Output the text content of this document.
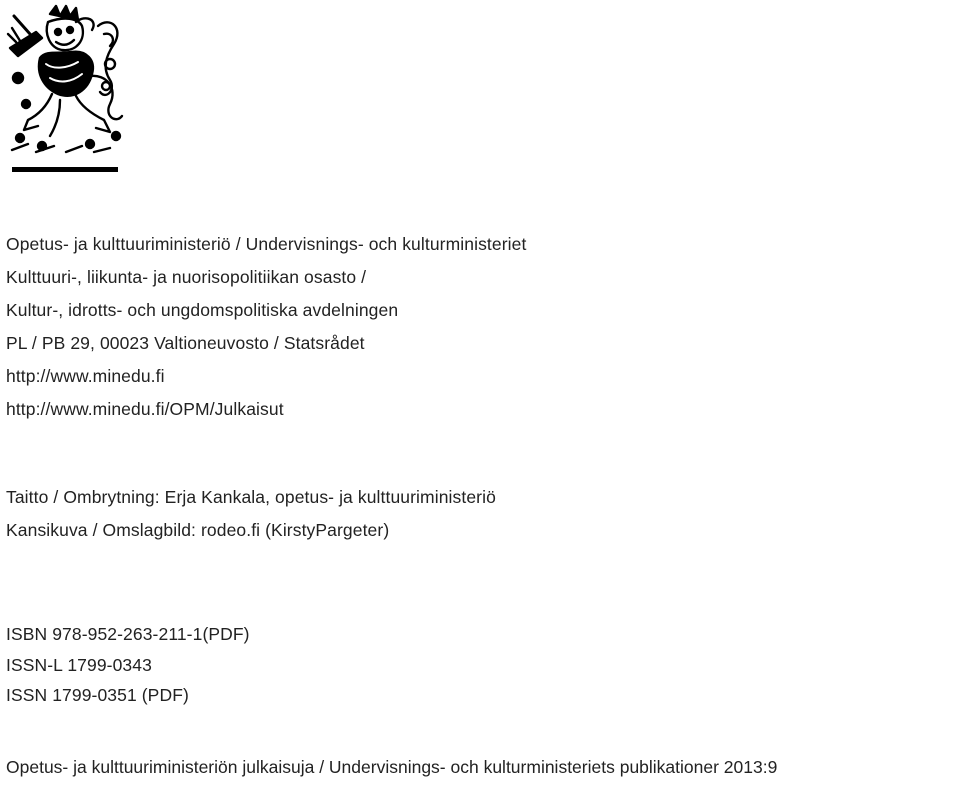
Opetus- ja kulttuuriministeriö / Undervisnings- och kulturministeriet
Kulttuuri-, liikunta- ja nuorisopolitiikan osasto /
Kultur-, idrotts- och ungdomspolitiska avdelningen
PL / PB 29, 00023 Valtioneuvosto / Statsrådet
http://www.minedu.fi
http://www.minedu.fi/OPM/Julkaisut
Taitto / Ombrytning: Erja Kankala, opetus- ja kulttuuriministeriö
Kansikuva / Omslagbild: rodeo.fi (KirstyPargeter)
ISBN 978-952-263-211-1(PDF)
ISSN-L 1799-0343
ISSN 1799-0351 (PDF)
Opetus- ja kulttuuriministeriön julkaisuja / Undervisnings- och kulturministeriets publikationer 2013:9
